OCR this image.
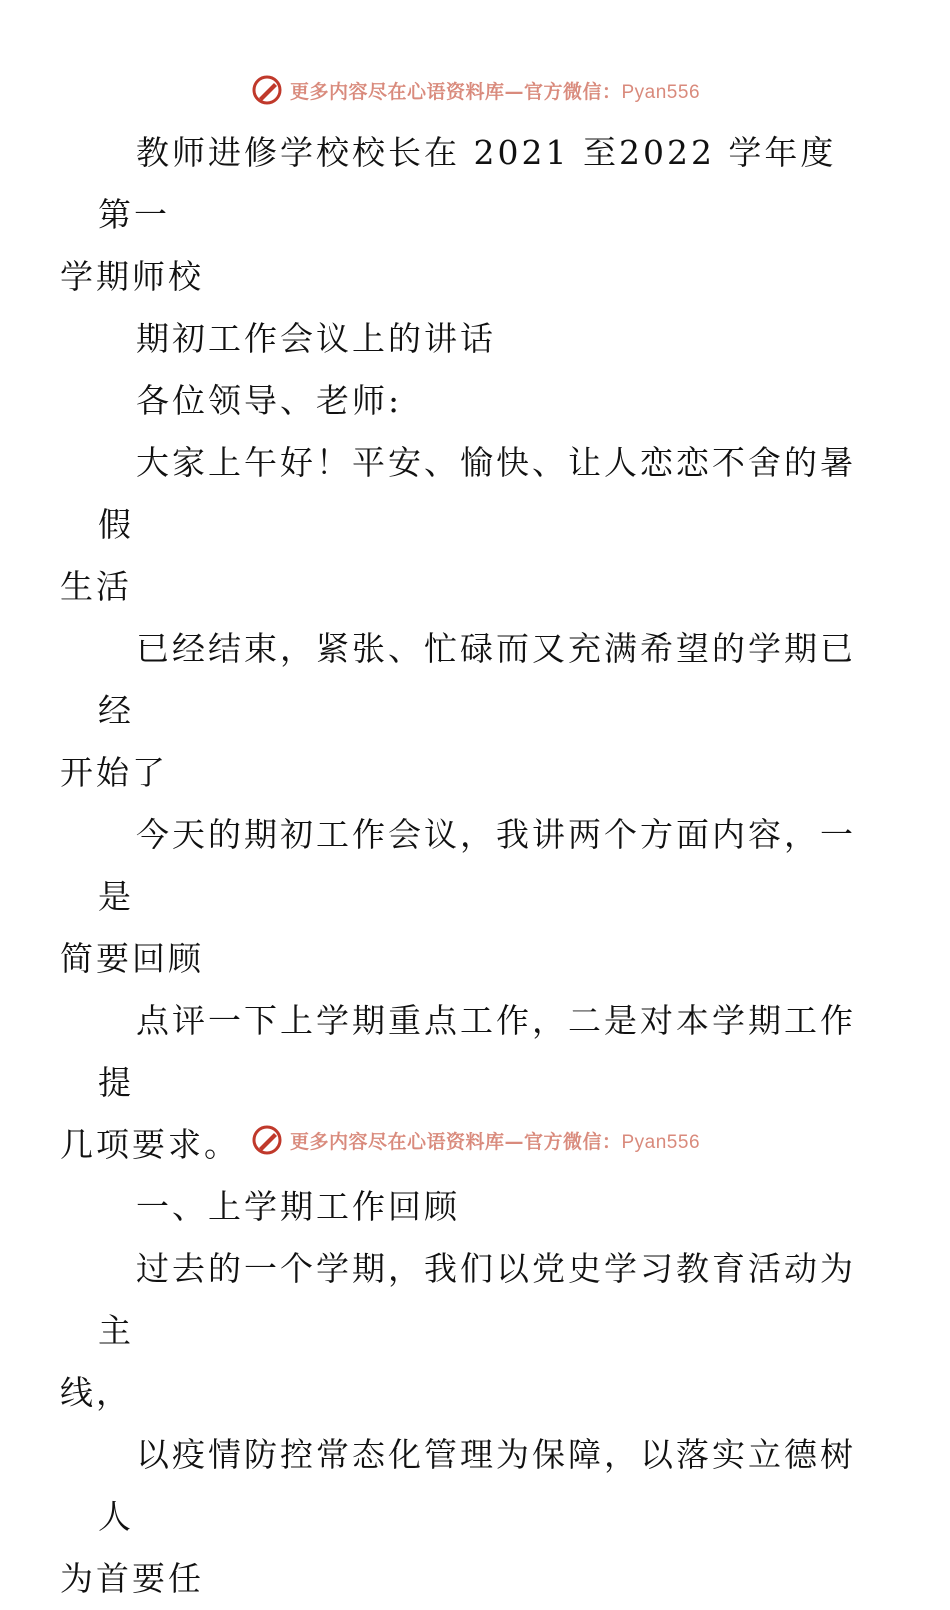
更多内容尽在心语资料库—官方微信：Pyan556

教师进修学校校长在 2021 至2022 学年度第一
学期师校

期初工作会议上的讲话

各位领导、老师:

大家上午好！平安、愉快、让人恋恋不舍的暑假
生活

已经结束，紧张、忙碌而又充满希望的学期已经
开始了

今天的期初工作会议，我讲两个方面内容，一是
简要回顾

点评一下上学期重点工作，二是对本学期工作提
几项要求。

一、上学期工作回顾

过去的一个学期，我们以党史学习教育活动为主
线，

以疫情防控常态化管理为保障，以落实立德树人
为首要任

更多内容尽在心语资料库—官方微信：Pyan556
